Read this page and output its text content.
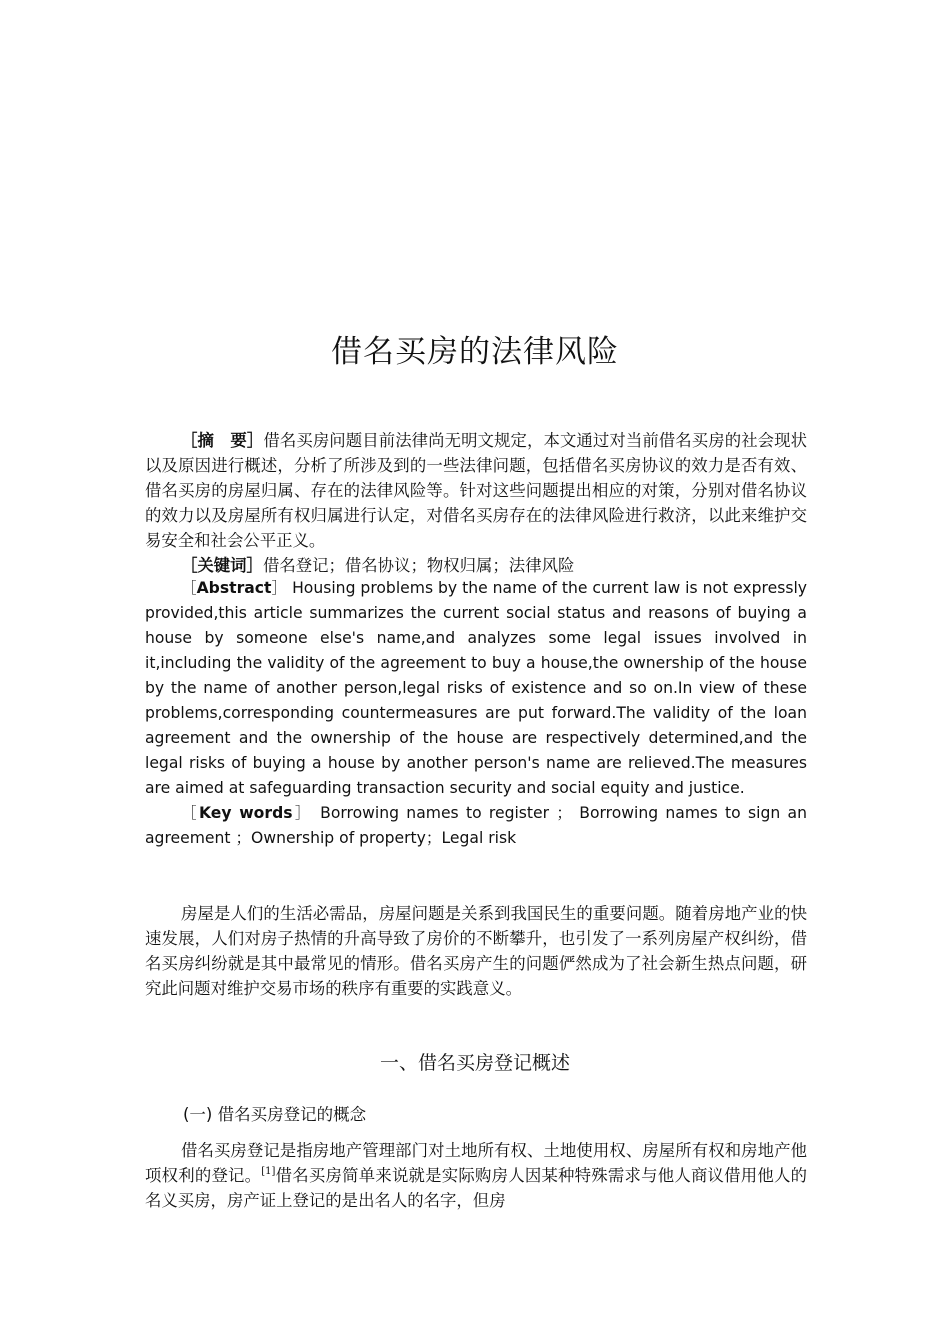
借名买房的法律风险

［摘　要］借名买房问题目前法律尚无明文规定，本文通过对当前借名买房的社会现状以及原因进行概述，分析了所涉及到的一些法律问题，包括借名买房协议的效力是否有效、借名买房的房屋归属、存在的法律风险等。针对这些问题提出相应的对策，分别对借名协议的效力以及房屋所有权归属进行认定，对借名买房存在的法律风险进行救济，以此来维护交易安全和社会公平正义。

［关键词］借名登记；借名协议；物权归属；法律风险

［Abstract］ Housing problems by the name of the current law is not expressly provided,this article summarizes the current social status and reasons of buying a house by someone else's name,and analyzes some legal issues involved in it,including the validity of the agreement to buy a house,the ownership of the house by the name of another person,legal risks of existence and so on.In view of these problems,corresponding countermeasures are put forward.The validity of the loan agreement and the ownership of the house are respectively determined,and the legal risks of buying a house by another person's name are relieved.The measures are aimed at safeguarding transaction security and social equity and justice.

［Key words］ Borrowing names to register ； Borrowing names to sign an agreement ；Ownership of property；Legal risk

房屋是人们的生活必需品，房屋问题是关系到我国民生的重要问题。随着房地产业的快速发展，人们对房子热情的升高导致了房价的不断攀升，也引发了一系列房屋产权纠纷，借名买房纠纷就是其中最常见的情形。借名买房产生的问题俨然成为了社会新生热点问题，研究此问题对维护交易市场的秩序有重要的实践意义。

一、借名买房登记概述
(一) 借名买房登记的概念

借名买房登记是指房地产管理部门对土地所有权、土地使用权、房屋所有权和房地产他项权利的登记。[1]借名买房简单来说就是实际购房人因某种特殊需求与他人商议借用他人的名义买房，房产证上登记的是出名人的名字，但房
